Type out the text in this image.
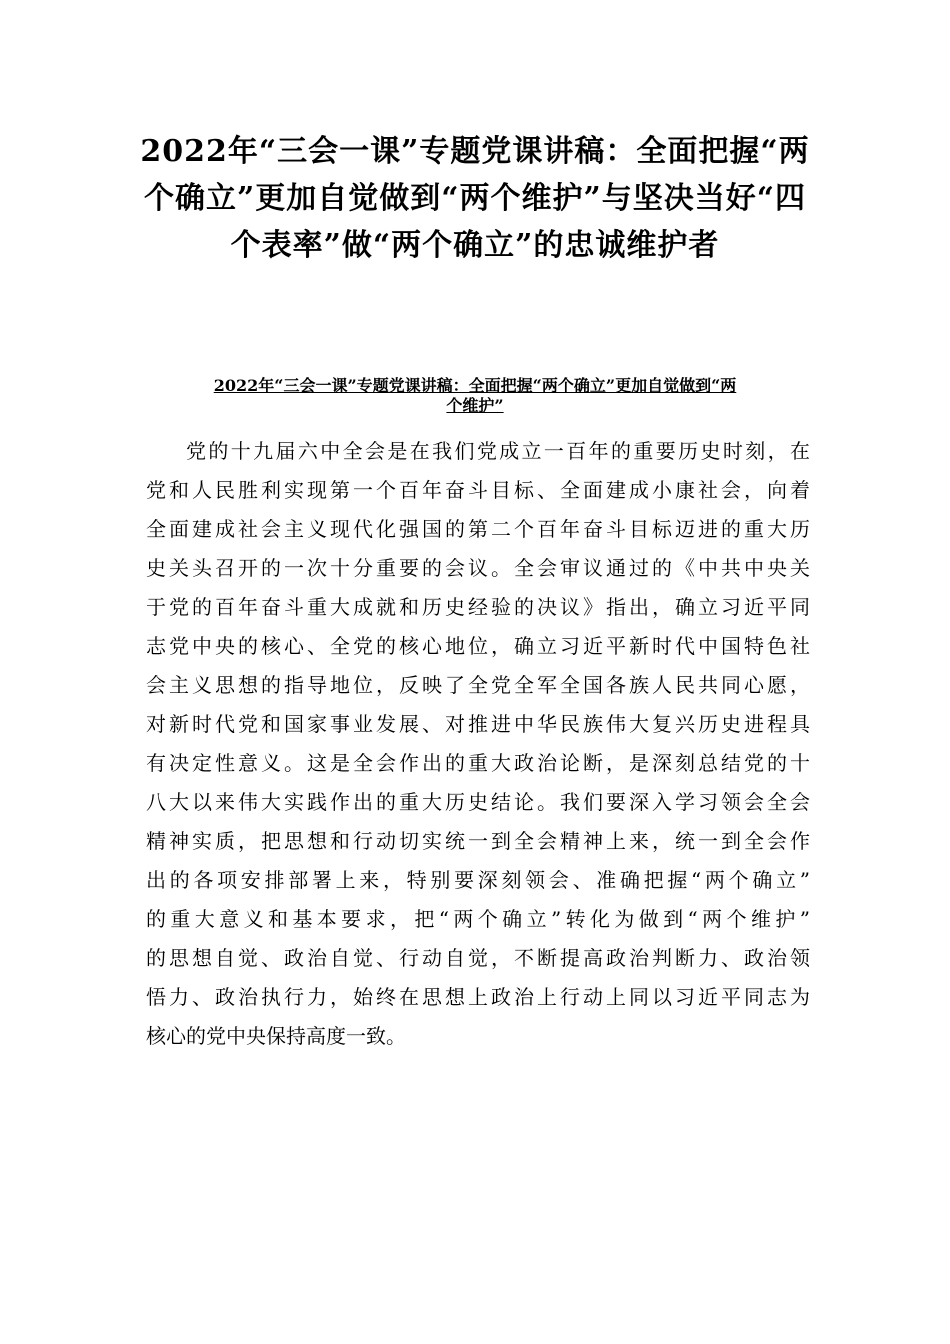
2022年“三会一课”专题党课讲稿：全面把握“两
个确立”更加自觉做到“两个维护”与坚决当好“四
个表率”做“两个确立”的忠诚维护者
2022年“三会一课”专题党课讲稿：全面把握“两个确立”更加自觉做到“两
个维护”
党的十九届六中全会是在我们党成立一百年的重要历史时刻，在
党和人民胜利实现第一个百年奋斗目标、全面建成小康社会，向着
全面建成社会主义现代化强国的第二个百年奋斗目标迈进的重大历
史关头召开的一次十分重要的会议。全会审议通过的《中共中央关
于党的百年奋斗重大成就和历史经验的决议》指出，确立习近平同
志党中央的核心、全党的核心地位，确立习近平新时代中国特色社
会主义思想的指导地位，反映了全党全军全国各族人民共同心愿，
对新时代党和国家事业发展、对推进中华民族伟大复兴历史进程具
有决定性意义。这是全会作出的重大政治论断，是深刻总结党的十
八大以来伟大实践作出的重大历史结论。我们要深入学习领会全会
精神实质，把思想和行动切实统一到全会精神上来，统一到全会作
出的各项安排部署上来，特别要深刻领会、准确把握“两个确立”
的重大意义和基本要求，把“两个确立”转化为做到“两个维护”
的思想自觉、政治自觉、行动自觉，不断提高政治判断力、政治领
悟力、政治执行力，始终在思想上政治上行动上同以习近平同志为
核心的党中央保持高度一致。
